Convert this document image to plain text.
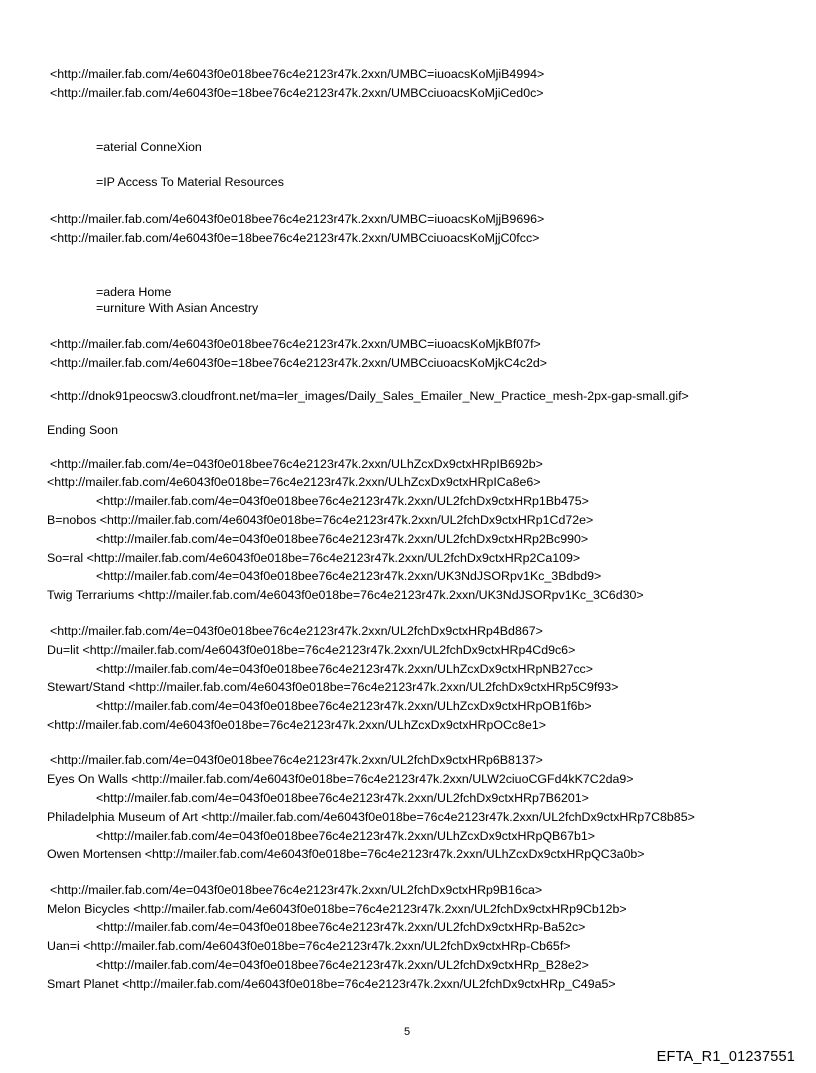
<http://mailer.fab.com/4e6043f0e018bee76c4e2123r47k.2xxn/UMBC=iuoacsKoMjiB4994>
<http://mailer.fab.com/4e6043f0e=18bee76c4e2123r47k.2xxn/UMBCciuoacsKoMjiCed0c>
=aterial ConneXion
=IP Access To Material Resources
<http://mailer.fab.com/4e6043f0e018bee76c4e2123r47k.2xxn/UMBC=iuoacsKoMjjB9696>
<http://mailer.fab.com/4e6043f0e=18bee76c4e2123r47k.2xxn/UMBCciuoacsKoMjjC0fcc>
=adera Home
=urniture With Asian Ancestry
<http://mailer.fab.com/4e6043f0e018bee76c4e2123r47k.2xxn/UMBC=iuoacsKoMjkBf07f>
<http://mailer.fab.com/4e6043f0e=18bee76c4e2123r47k.2xxn/UMBCciuoacsKoMjkC4c2d>
<http://dnok91peocsw3.cloudfront.net/ma=ler_images/Daily_Sales_Emailer_New_Practice_mesh-2px-gap-small.gif>
Ending Soon
<http://mailer.fab.com/4e=043f0e018bee76c4e2123r47k.2xxn/ULhZcxDx9ctxHRpIB692b>
<http://mailer.fab.com/4e6043f0e018be=76c4e2123r47k.2xxn/ULhZcxDx9ctxHRpICa8e6>
<http://mailer.fab.com/4e=043f0e018bee76c4e2123r47k.2xxn/UL2fchDx9ctxHRp1Bb475>
B=nobos <http://mailer.fab.com/4e6043f0e018be=76c4e2123r47k.2xxn/UL2fchDx9ctxHRp1Cd72e>
<http://mailer.fab.com/4e=043f0e018bee76c4e2123r47k.2xxn/UL2fchDx9ctxHRp2Bc990>
So=ral <http://mailer.fab.com/4e6043f0e018be=76c4e2123r47k.2xxn/UL2fchDx9ctxHRp2Ca109>
<http://mailer.fab.com/4e=043f0e018bee76c4e2123r47k.2xxn/UK3NdJSORpv1Kc_3Bdbd9>
Twig Terrariums <http://mailer.fab.com/4e6043f0e018be=76c4e2123r47k.2xxn/UK3NdJSORpv1Kc_3C6d30>
<http://mailer.fab.com/4e=043f0e018bee76c4e2123r47k.2xxn/UL2fchDx9ctxHRp4Bd867>
Du=lit <http://mailer.fab.com/4e6043f0e018be=76c4e2123r47k.2xxn/UL2fchDx9ctxHRp4Cd9c6>
<http://mailer.fab.com/4e=043f0e018bee76c4e2123r47k.2xxn/ULhZcxDx9ctxHRpNB27cc>
Stewart/Stand <http://mailer.fab.com/4e6043f0e018be=76c4e2123r47k.2xxn/UL2fchDx9ctxHRp5C9f93>
<http://mailer.fab.com/4e=043f0e018bee76c4e2123r47k.2xxn/ULhZcxDx9ctxHRpOB1f6b>
<http://mailer.fab.com/4e6043f0e018be=76c4e2123r47k.2xxn/ULhZcxDx9ctxHRpOCc8e1>
<http://mailer.fab.com/4e=043f0e018bee76c4e2123r47k.2xxn/UL2fchDx9ctxHRp6B8137>
Eyes On Walls <http://mailer.fab.com/4e6043f0e018be=76c4e2123r47k.2xxn/ULW2ciuoCGFd4kK7C2da9>
<http://mailer.fab.com/4e=043f0e018bee76c4e2123r47k.2xxn/UL2fchDx9ctxHRp7B6201>
Philadelphia Museum of Art <http://mailer.fab.com/4e6043f0e018be=76c4e2123r47k.2xxn/UL2fchDx9ctxHRp7C8b85>
<http://mailer.fab.com/4e=043f0e018bee76c4e2123r47k.2xxn/ULhZcxDx9ctxHRpQB67b1>
Owen Mortensen <http://mailer.fab.com/4e6043f0e018be=76c4e2123r47k.2xxn/ULhZcxDx9ctxHRpQC3a0b>
<http://mailer.fab.com/4e=043f0e018bee76c4e2123r47k.2xxn/UL2fchDx9ctxHRp9B16ca>
Melon Bicycles <http://mailer.fab.com/4e6043f0e018be=76c4e2123r47k.2xxn/UL2fchDx9ctxHRp9Cb12b>
<http://mailer.fab.com/4e=043f0e018bee76c4e2123r47k.2xxn/UL2fchDx9ctxHRp-Ba52c>
Uan=i <http://mailer.fab.com/4e6043f0e018be=76c4e2123r47k.2xxn/UL2fchDx9ctxHRp-Cb65f>
<http://mailer.fab.com/4e=043f0e018bee76c4e2123r47k.2xxn/UL2fchDx9ctxHRp_B28e2>
Smart Planet <http://mailer.fab.com/4e6043f0e018be=76c4e2123r47k.2xxn/UL2fchDx9ctxHRp_C49a5>
5
EFTA_R1_01237551
